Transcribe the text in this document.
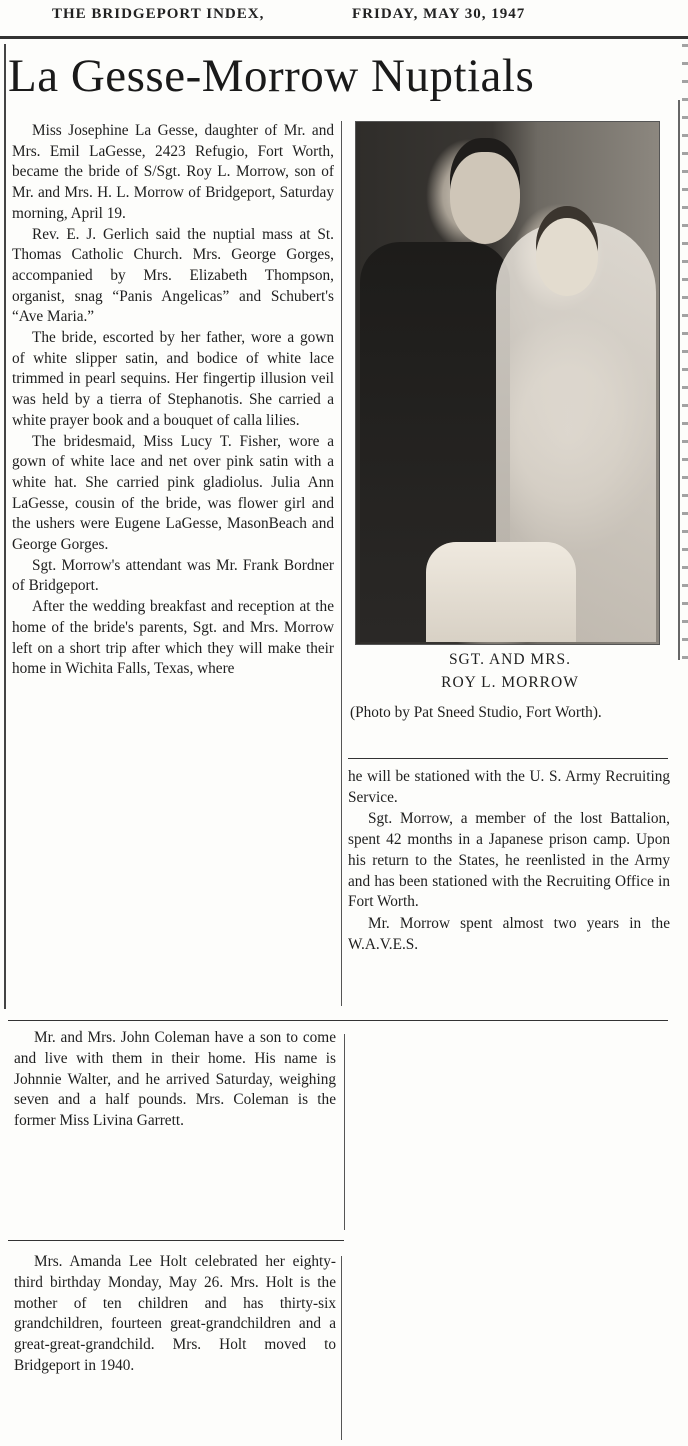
THE BRIDGEPORT INDEX,	FRIDAY, MAY 30, 1947
La Gesse-Morrow Nuptials

Miss Josephine La Gesse, daughter of Mr. and Mrs. Emil LaGesse, 2423 Refugio, Fort Worth, became the bride of S/Sgt. Roy L. Morrow, son of Mr. and Mrs. H. L. Morrow of Bridgeport, Saturday morning, April 19.

Rev. E. J. Gerlich said the nuptial mass at St. Thomas Catholic Church. Mrs. George Gorges, accompanied by Mrs. Elizabeth Thompson, organist, snag “Panis Angelicas” and Schubert's “Ave Maria.”

The bride, escorted by her father, wore a gown of white slipper satin, and bodice of white lace trimmed in pearl sequins. Her fingertip illusion veil was held by a tierra of Stephanotis. She carried a white prayer book and a bouquet of calla lilies.

The bridesmaid, Miss Lucy T. Fisher, wore a gown of white lace and net over pink satin with a white hat. She carried pink gladiolus. Julia Ann LaGesse, cousin of the bride, was flower girl and the ushers were Eugene LaGesse, MasonBeach and George Gorges.

Sgt. Morrow's attendant was Mr. Frank Bordner of Bridgeport.

After the wedding breakfast and reception at the home of the bride's parents, Sgt. and Mrs. Morrow left on a short trip after which they will make their home in Wichita Falls, Texas, where

SGT. AND MRS.
ROY L. MORROW
(Photo by Pat Sneed Studio, Fort Worth).

he will be stationed with the U. S. Army Recruiting Service.

Sgt. Morrow, a member of the lost Battalion, spent 42 months in a Japanese prison camp. Upon his return to the States, he reenlisted in the Army and has been stationed with the Recruiting Office in Fort Worth.

Mr. Morrow spent almost two years in the W.A.V.E.S.

Mr. and Mrs. John Coleman have a son to come and live with them in their home. His name is Johnnie Walter, and he arrived Saturday, weighing seven and a half pounds. Mrs. Coleman is the former Miss Livina Garrett.

Mrs. Amanda Lee Holt celebrated her eighty-third birthday Monday, May 26. Mrs. Holt is the mother of ten children and has thirty-six grandchildren, fourteen great-grandchildren and a great-great-grandchild. Mrs. Holt moved to Bridgeport in 1940.
